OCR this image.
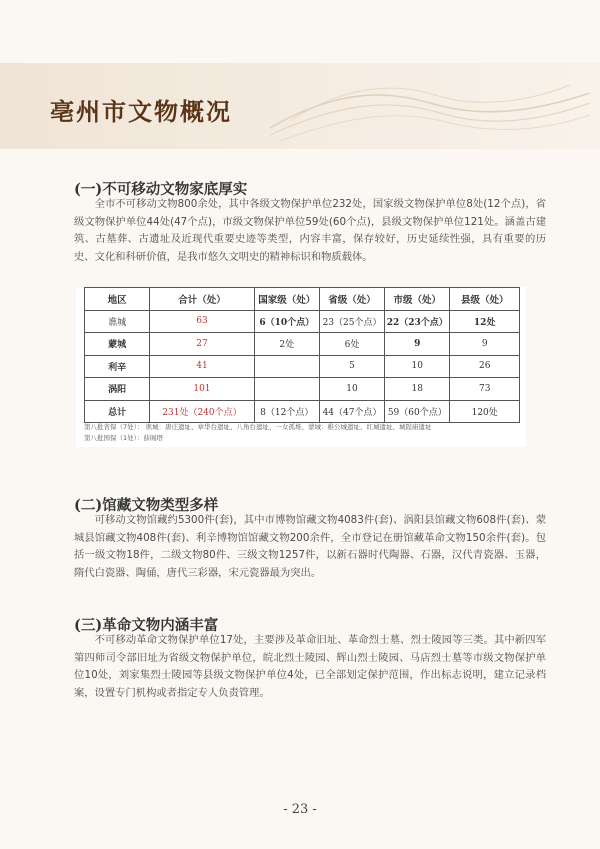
亳州市文物概况
(一)不可移动文物家底厚实

全市不可移动文物800余处，其中各级文物保护单位232处，国家级文物保护单位8处(12个点)，省级文物保护单位44处(47个点)，市级文物保护单位59处(60个点)，县级文物保护单位121处。涵盖古建筑、古墓葬、古遗址及近现代重要史迹等类型，内容丰富，保存较好，历史延续性强，具有重要的历史、文化和科研价值，是我市悠久文明史的精神标识和物质载体。

地区	合计（处）	国家级（处）	省级（处）	市级（处）	县级（处）
谯城	63	6（10个点）	23（25个点）	22（23个点）	12处
蒙城	27	2处	6处	9	9
利辛	41		5	10	26
涡阳	101		10	18	73
总计	231处（240个点）	8（12个点）	44（47个点）	59（60个点）	120处
第八批省保（7处）： 谯城：唐庄遗址、章华台遗址、八角台遗址、一女孤堆、蒙城：稚公城遗址、红城遗址、城隍庙遗址
第八批国保（1处）：薛阁塔
(二)馆藏文物类型多样

可移动文物馆藏约5300件(套)，其中市博物馆藏文物4083件(套)、涡阳县馆藏文物608件(套)、蒙城县馆藏文物408件(套)、利辛博物馆馆藏文物200余件，全市登记在册馆藏革命文物150余件(套)。包括一级文物18件，二级文物80件、三级文物1257件，以新石器时代陶器、石器，汉代青瓷器、玉器，隋代白瓷器、陶俑，唐代三彩器，宋元瓷器最为突出。

(三)革命文物内涵丰富

不可移动革命文物保护单位17处，主要涉及革命旧址、革命烈士墓、烈士陵园等三类。其中新四军第四师司令部旧址为省级文物保护单位，皖北烈士陵园、辉山烈士陵园、马店烈士墓等市级文物保护单位10处，刘家集烈士陵园等县级文物保护单位4处，已全部划定保护范围，作出标志说明，建立记录档案，设置专门机构或者指定专人负责管理。

- 23 -
